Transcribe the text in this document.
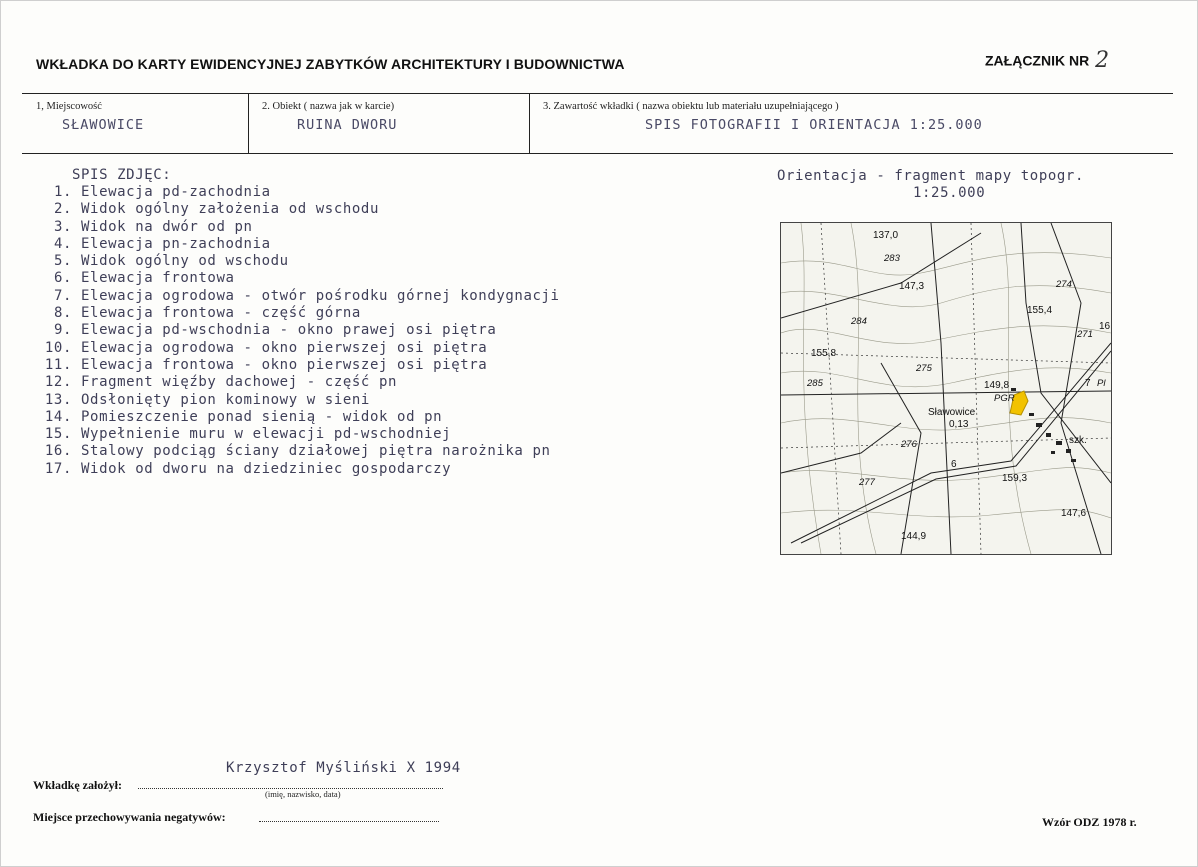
WKŁADKA DO KARTY EWIDENCYJNEJ ZABYTKÓW ARCHITEKTURY I BUDOWNICTWA	ZAŁĄCZNIK NR 2
1, Miejscowość
SŁAWOWICE
2. Obiekt ( nazwa jak w karcie)
RUINA DWORU
3. Zawartość wkładki ( nazwa obiektu lub materiału uzupełniającego )
SPIS FOTOGRAFII I ORIENTACJA 1:25.000
SPIS ZDJĘC:
1. Elewacja pd-zachodnia
2. Widok ogólny założenia od wschodu
3. Widok na dwór od pn
4. Elewacja pn-zachodnia
5. Widok ogólny od wschodu
6. Elewacja frontowa
7. Elewacja ogrodowa - otwór pośrodku górnej kondygnacji
8. Elewacja frontowa - część górna
9. Elewacja pd-wschodnia - okno prawej osi piętra
10. Elewacja ogrodowa - okno pierwszej osi piętra
11. Elewacja frontowa - okno pierwszej osi piętra
12. Fragment więźby dachowej - część pn
13. Odsłonięty pion kominowy w sieni
14. Pomieszczenie ponad sienią - widok od pn
15. Wypełnienie muru w elewacji pd-wschodniej
16. Stalowy podciąg ściany działowej piętra narożnika pn
17. Widok od dworu na dziedziniec gospodarczy
Orientacja - fragment mapy topogr.
1:25.000
137,0
283
147,3	274
155,4
271
16
284
155,8
275
149,8
285
PGR
Sławowice
0,13
276	szk.
159,3
277
147,6
144,9
6
7 Pl
Krzysztof Myśliński X 1994
Wkładkę założył:
(imię, nazwisko, data)
Miejsce przechowywania negatywów:	Wzór ODZ 1978 r.
